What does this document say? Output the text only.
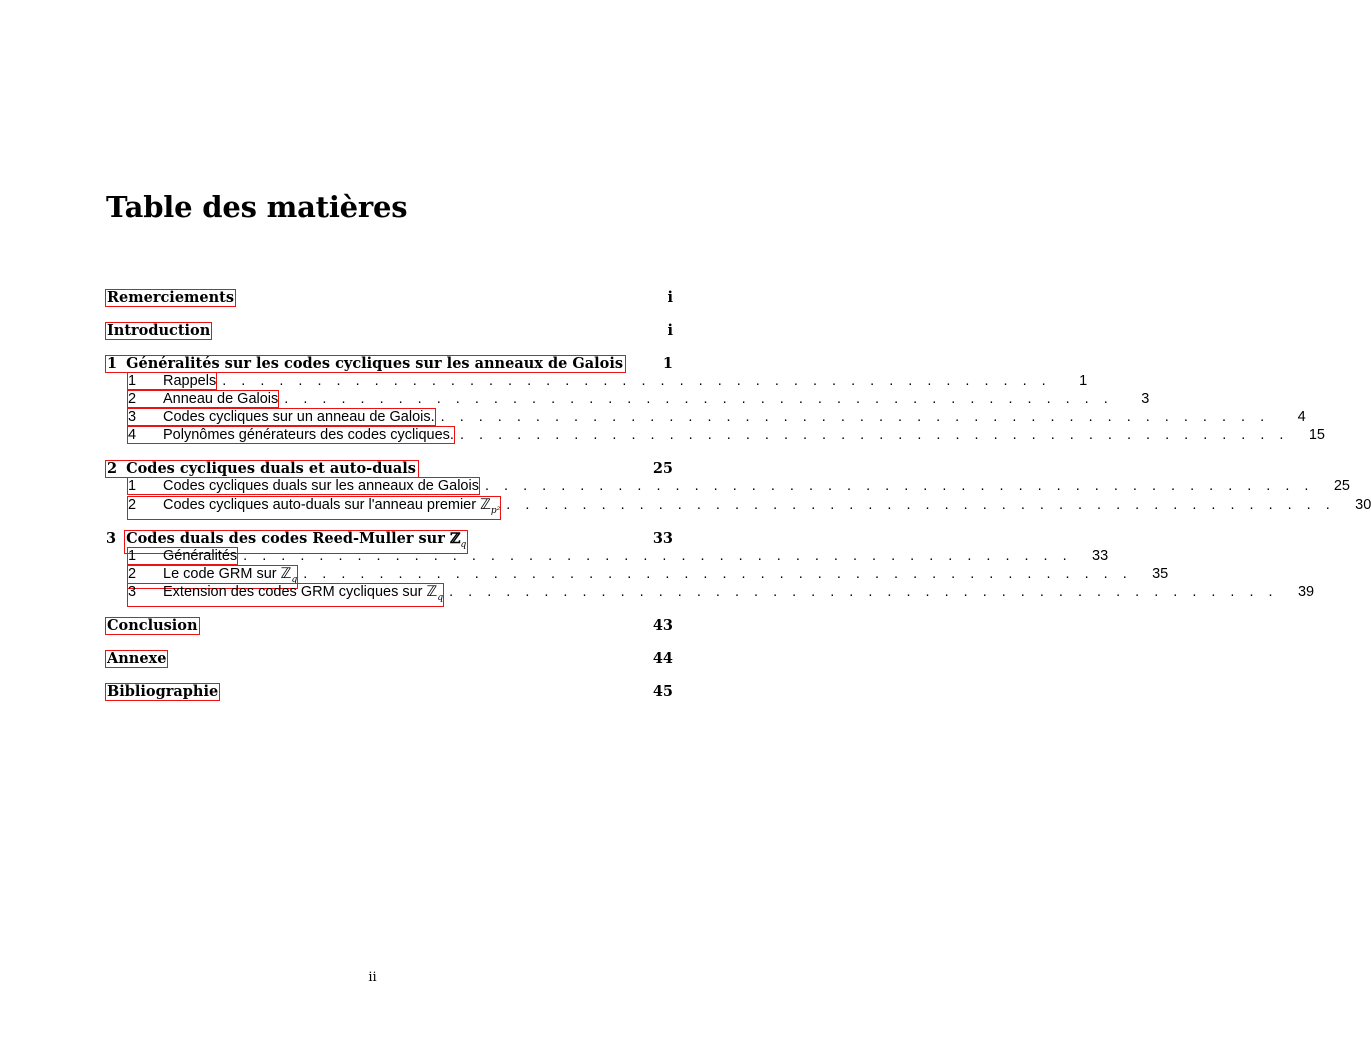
Table des matières
Remerciements	i
Introduction	i
1 Généralités sur les codes cycliques sur les anneaux de Galois	1
1	Rappels . . . . . . . . . . . . . . . . . . . . . . . . . . . . . . . . . . . . . . . . . . . .	1
2	Anneau de Galois . . . . . . . . . . . . . . . . . . . . . . . . . . . . . . . . . . . . . . . . . . . .	3
3	Codes cycliques sur un anneau de Galois. . . . . . . . . . . . . . . . . . . . . . . . . . . . . . . . . . . . . . . . . . . . .	4
4	Polynômes générateurs des codes cycliques. . . . . . . . . . . . . . . . . . . . . . . . . . . . . . . . . . . . . . . . . . . . .	15
2 Codes cycliques duals et auto-duals	25
1	Codes cycliques duals sur les anneaux de Galois . . . . . . . . . . . . . . . . . . . . . . . . . . . . . . . . . . . . . . . . . . . .	25
2	Codes cycliques auto-duals sur l'anneau premier ℤ$_{p^2}$ . . . . . . . . . . . . . . . . . . . . . . . . . . . . . . . . . . . . . . . . . . . .	30
3 Codes duals des codes Reed-Muller sur ℤ$_q$	33
1	Généralités . . . . . . . . . . . . . . . . . . . . . . . . . . . . . . . . . . . . . . . . . . . .	33
2	Le code GRM sur ℤ$_q$ . . . . . . . . . . . . . . . . . . . . . . . . . . . . . . . . . . . . . . . . . . . .	35
3	Extension des codes GRM cycliques sur ℤ$_q$ . . . . . . . . . . . . . . . . . . . . . . . . . . . . . . . . . . . . . . . . . . . .	39
Conclusion	43
Annexe	44
Bibliographie	45
ii
